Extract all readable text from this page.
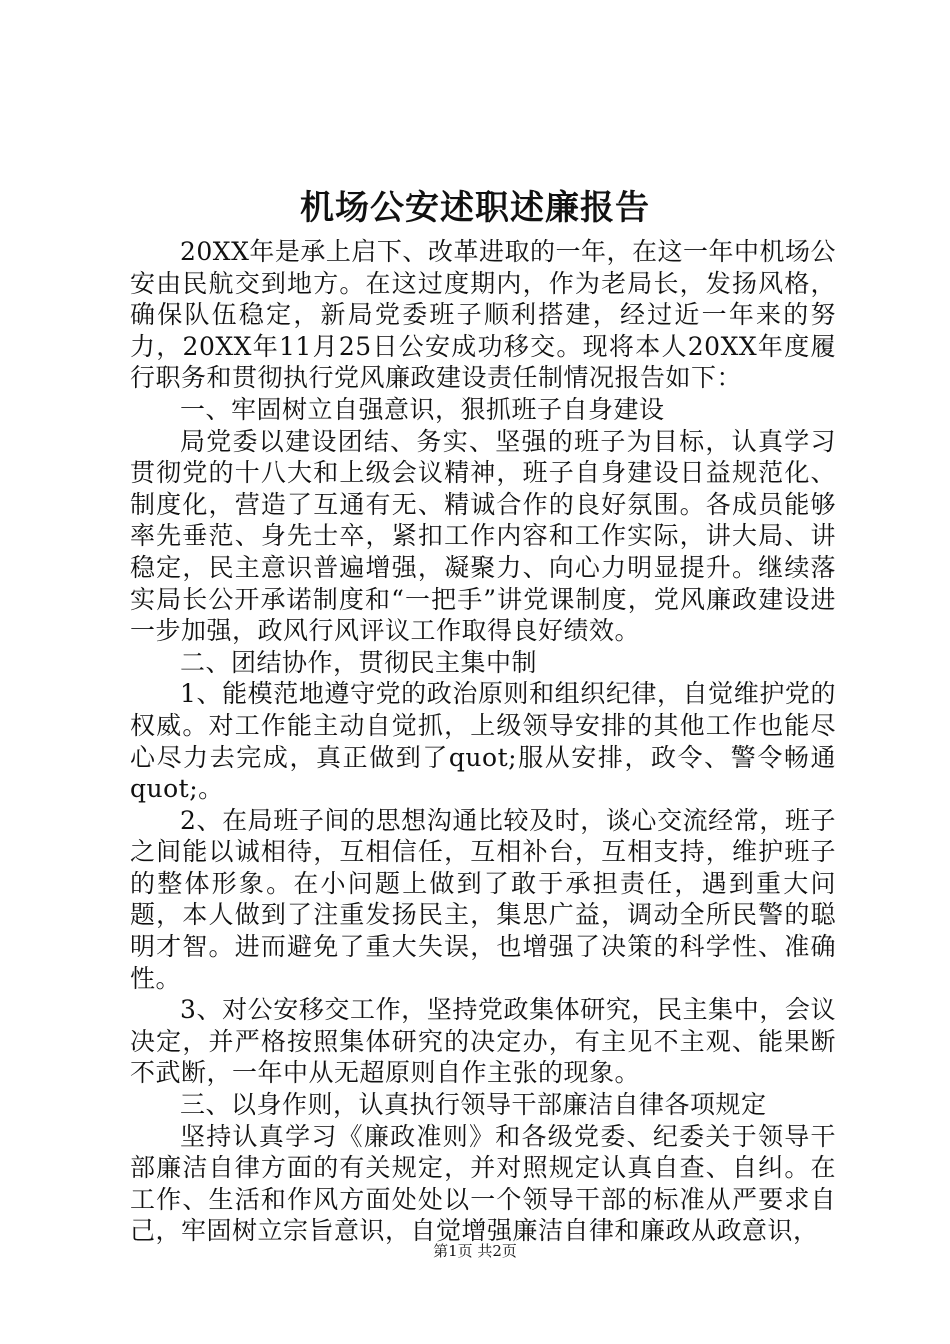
机场公安述职述廉报告

20XX年是承上启下、改革进取的一年，在这一年中机场公安由民航交到地方。在这过度期内，作为老局长，发扬风格，确保队伍稳定，新局党委班子顺利搭建，经过近一年来的努力，20XX年11月25日公安成功移交。现将本人20XX年度履行职务和贯彻执行党风廉政建设责任制情况报告如下：

一、牢固树立自强意识，狠抓班子自身建设

局党委以建设团结、务实、坚强的班子为目标，认真学习贯彻党的十八大和上级会议精神，班子自身建设日益规范化、制度化，营造了互通有无、精诚合作的良好氛围。各成员能够率先垂范、身先士卒，紧扣工作内容和工作实际，讲大局、讲稳定，民主意识普遍增强，凝聚力、向心力明显提升。继续落实局长公开承诺制度和“一把手”讲党课制度，党风廉政建设进一步加强，政风行风评议工作取得良好绩效。

二、团结协作，贯彻民主集中制

1、能模范地遵守党的政治原则和组织纪律，自觉维护党的权威。对工作能主动自觉抓，上级领导安排的其他工作也能尽心尽力去完成，真正做到了quot;服从安排，政令、警令畅通quot;。

2、在局班子间的思想沟通比较及时，谈心交流经常，班子之间能以诚相待，互相信任，互相补台，互相支持，维护班子的整体形象。在小问题上做到了敢于承担责任，遇到重大问题，本人做到了注重发扬民主，集思广益，调动全所民警的聪明才智。进而避免了重大失误，也增强了决策的科学性、准确性。

3、对公安移交工作，坚持党政集体研究，民主集中，会议决定，并严格按照集体研究的决定办，有主见不主观、能果断不武断，一年中从无超原则自作主张的现象。

三、以身作则，认真执行领导干部廉洁自律各项规定

坚持认真学习《廉政准则》和各级党委、纪委关于领导干部廉洁自律方面的有关规定，并对照规定认真自查、自纠。在工作、生活和作风方面处处以一个领导干部的标准从严要求自己，牢固树立宗旨意识，自觉增强廉洁自律和廉政从政意识，

第1页 共2页
